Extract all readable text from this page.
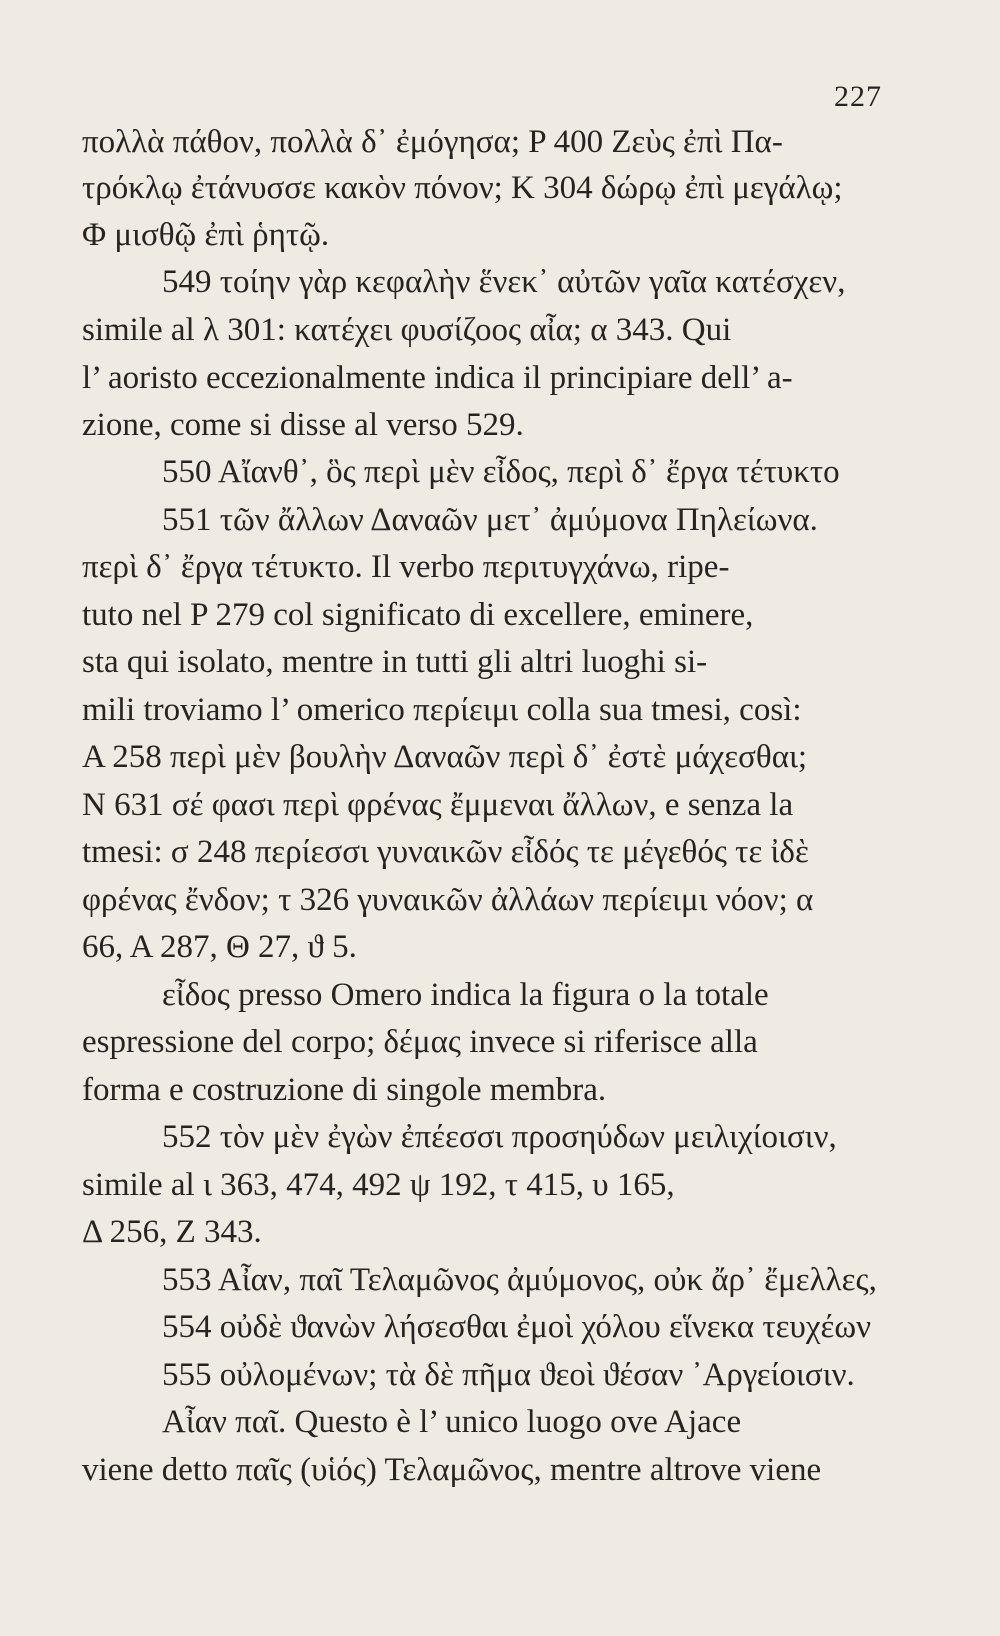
227
πολλὰ πάθον, πολλὰ δ᾿ ἐμόγησα; P 400 Ζεὺς ἐπὶ Πα-
τρόκλῳ ἐτάνυσσε κακὸν πόνον; K 304 δώρῳ ἐπὶ μεγάλῳ;
Φ μισθῷ ἐπὶ ῥητῷ.
549 τοίην γὰρ κεφαλὴν ἕνεκ᾿ αὐτῶν γαῖα κατέσχεν,
simile al λ 301: κατέχει φυσίζοος αἶα; α 343. Qui
l’ aoristo eccezionalmente indica il principiare dell’ a-
zione, come si disse al verso 529.
550 Αἴανθ᾿, ὃς περὶ μὲν εἶδος, περὶ δ᾿ ἔργα τέτυκτο
551 τῶν ἄλλων Δαναῶν μετ᾿ ἀμύμονα Πηλείωνα.
περὶ δ᾿ ἔργα τέτυκτο. Il verbo περιτυγχάνω, ripe-
tuto nel P 279 col significato di excellere, eminere,
sta qui isolato, mentre in tutti gli altri luoghi si-
mili troviamo l’ omerico περίειμι colla sua tmesi, così:
A 258 περὶ μὲν βουλὴν Δαναῶν περὶ δ᾿ ἐστὲ μάχεσθαι;
N 631 σέ φασι περὶ φρένας ἔμμεναι ἄλλων, e senza la
tmesi: σ 248 περίεσσι γυναικῶν εἶδός τε μέγεθός τε ἰδὲ
φρένας ἔνδον; τ 326 γυναικῶν ἀλλάων περίειμι νόον; α
66, A 287, Θ 27, ϑ 5.
εἶδος presso Omero indica la figura o la totale
espressione del corpo; δέμας invece si riferisce alla
forma e costruzione di singole membra.
552 τὸν μὲν ἐγὼν ἐπέεσσι προσηύδων μειλιχίοισιν,
simile al ι 363, 474, 492 ψ 192, τ 415, υ 165,
Δ 256, Z 343.
553 Αἶαν, παῖ Τελαμῶνος ἀμύμονος, οὐκ ἄρ᾿ ἔμελλες,
554 οὐδὲ ϑανὼν λήσεσθαι ἐμοὶ χόλου εἵνεκα τευχέων
555 οὐλομένων; τὰ δὲ πῆμα ϑεοὶ ϑέσαν ᾿Αργείοισιν.
Αἶαν παῖ. Questo è l’ unico luogo ove Ajace
viene detto παῖς (υἱός) Τελαμῶνος, mentre altrove viene
